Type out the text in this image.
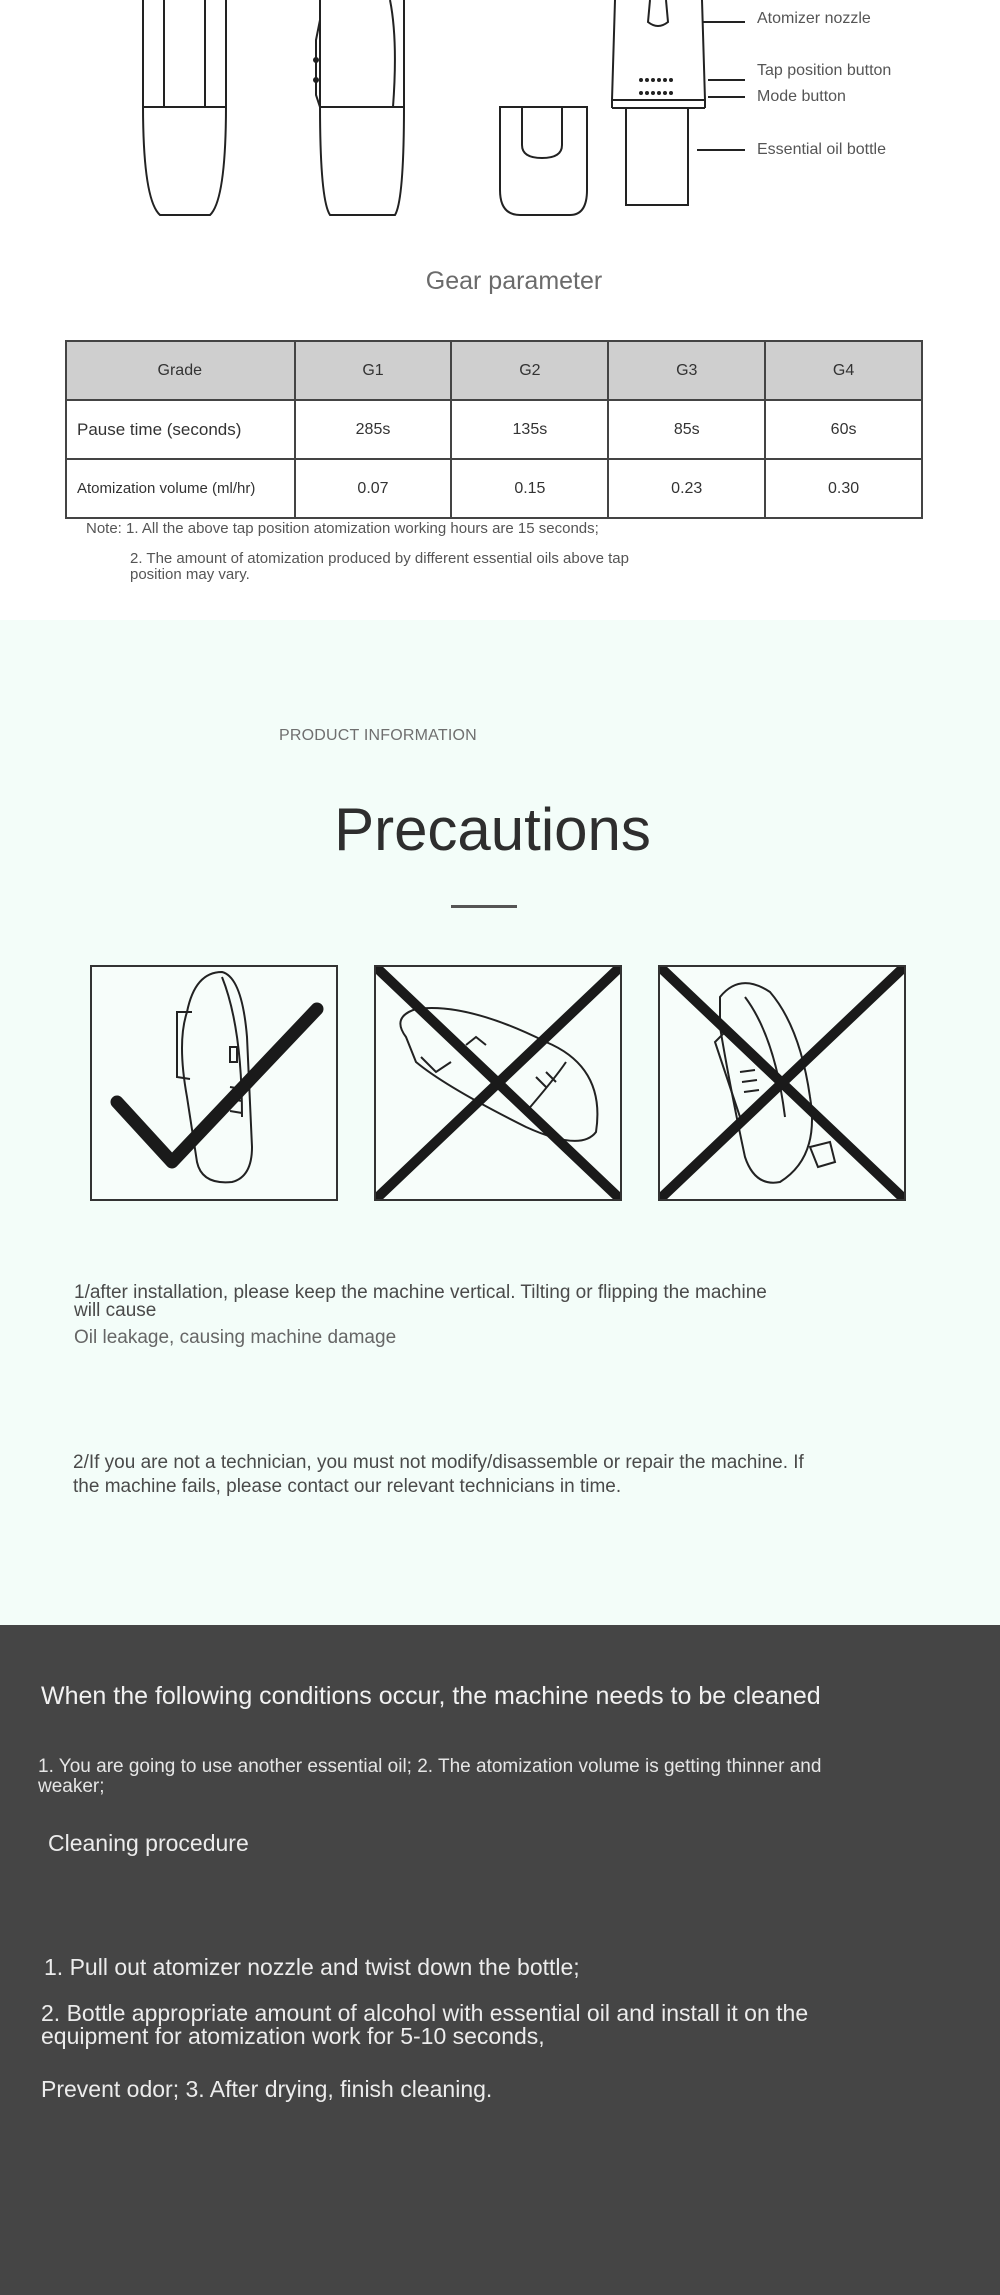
Atomizer nozzle
Tap position button
Mode button
Essential oil bottle
Gear parameter
Grade	G1	G2	G3	G4
Pause time (seconds)	285s	135s	85s	60s
Atomization volume (ml/hr)	0.07	0.15	0.23	0.30
Note: 1. All the above tap position atomization working hours are 15 seconds;
2. The amount of atomization produced by different essential oils above tap
position may vary.
PRODUCT INFORMATION
Precautions
1/after installation, please keep the machine vertical. Tilting or flipping the machine
will cause
Oil leakage, causing machine damage
2/If you are not a technician, you must not modify/disassemble or repair the machine. If
the machine fails, please contact our relevant technicians in time.
When the following conditions occur, the machine needs to be cleaned
1. You are going to use another essential oil; 2. The atomization volume is getting thinner and
weaker;
Cleaning procedure
1. Pull out atomizer nozzle and twist down the bottle;
2. Bottle appropriate amount of alcohol with essential oil and install it on the
equipment for atomization work for 5-10 seconds,
Prevent odor; 3. After drying, finish cleaning.
